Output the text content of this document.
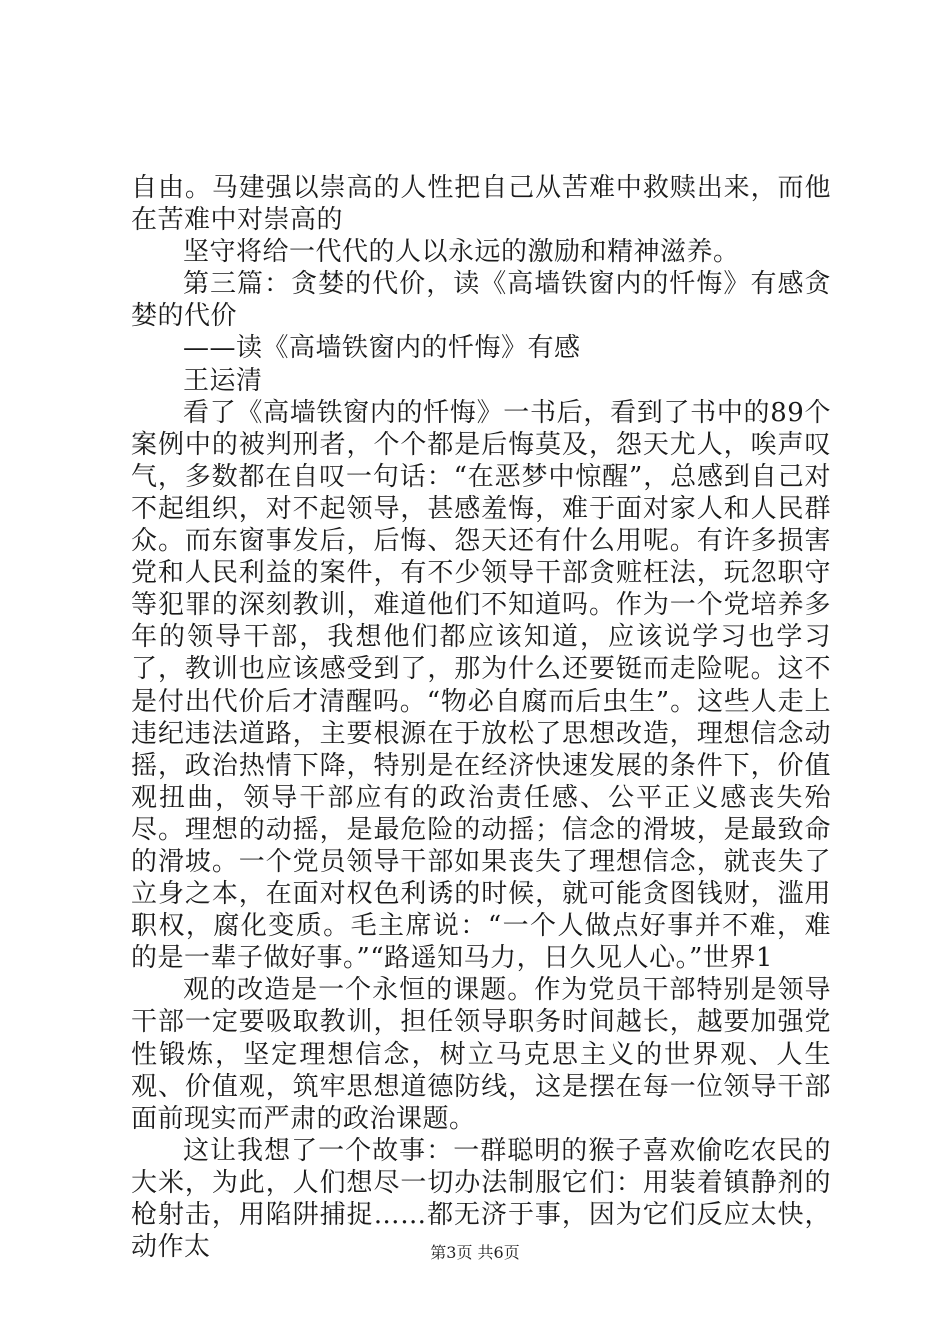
自由。马建强以崇高的人性把自己从苦难中救赎出来，而他在苦难中对崇高的

坚守将给一代代的人以永远的激励和精神滋养。

第三篇：贪婪的代价，读《高墙铁窗内的忏悔》有感贪婪的代价

——读《高墙铁窗内的忏悔》有感

王运清

看了《高墙铁窗内的忏悔》一书后，看到了书中的89个案例中的被判刑者，个个都是后悔莫及，怨天尤人，唉声叹气，多数都在自叹一句话：“在恶梦中惊醒”，总感到自己对不起组织，对不起领导，甚感羞悔，难于面对家人和人民群众。而东窗事发后，后悔、怨天还有什么用呢。有许多损害党和人民利益的案件，有不少领导干部贪赃枉法，玩忽职守等犯罪的深刻教训，难道他们不知道吗。作为一个党培养多年的领导干部，我想他们都应该知道，应该说学习也学习了，教训也应该感受到了，那为什么还要铤而走险呢。这不是付出代价后才清醒吗。“物必自腐而后虫生”。这些人走上违纪违法道路，主要根源在于放松了思想改造，理想信念动摇，政治热情下降，特别是在经济快速发展的条件下，价值观扭曲，领导干部应有的政治责任感、公平正义感丧失殆尽。理想的动摇，是最危险的动摇；信念的滑坡，是最致命的滑坡。一个党员领导干部如果丧失了理想信念，就丧失了立身之本，在面对权色利诱的时候，就可能贪图钱财，滥用职权，腐化变质。毛主席说：“一个人做点好事并不难，难的是一辈子做好事。”“路遥知马力，日久见人心。”世界1

观的改造是一个永恒的课题。作为党员干部特别是领导干部一定要吸取教训，担任领导职务时间越长，越要加强党性锻炼，坚定理想信念，树立马克思主义的世界观、人生观、价值观，筑牢思想道德防线，这是摆在每一位领导干部面前现实而严肃的政治课题。

这让我想了一个故事：一群聪明的猴子喜欢偷吃农民的大米，为此，人们想尽一切办法制服它们：用装着镇静剂的枪射击，用陷阱捕捉……都无济于事，因为它们反应太快，动作太	第3页 共6页
